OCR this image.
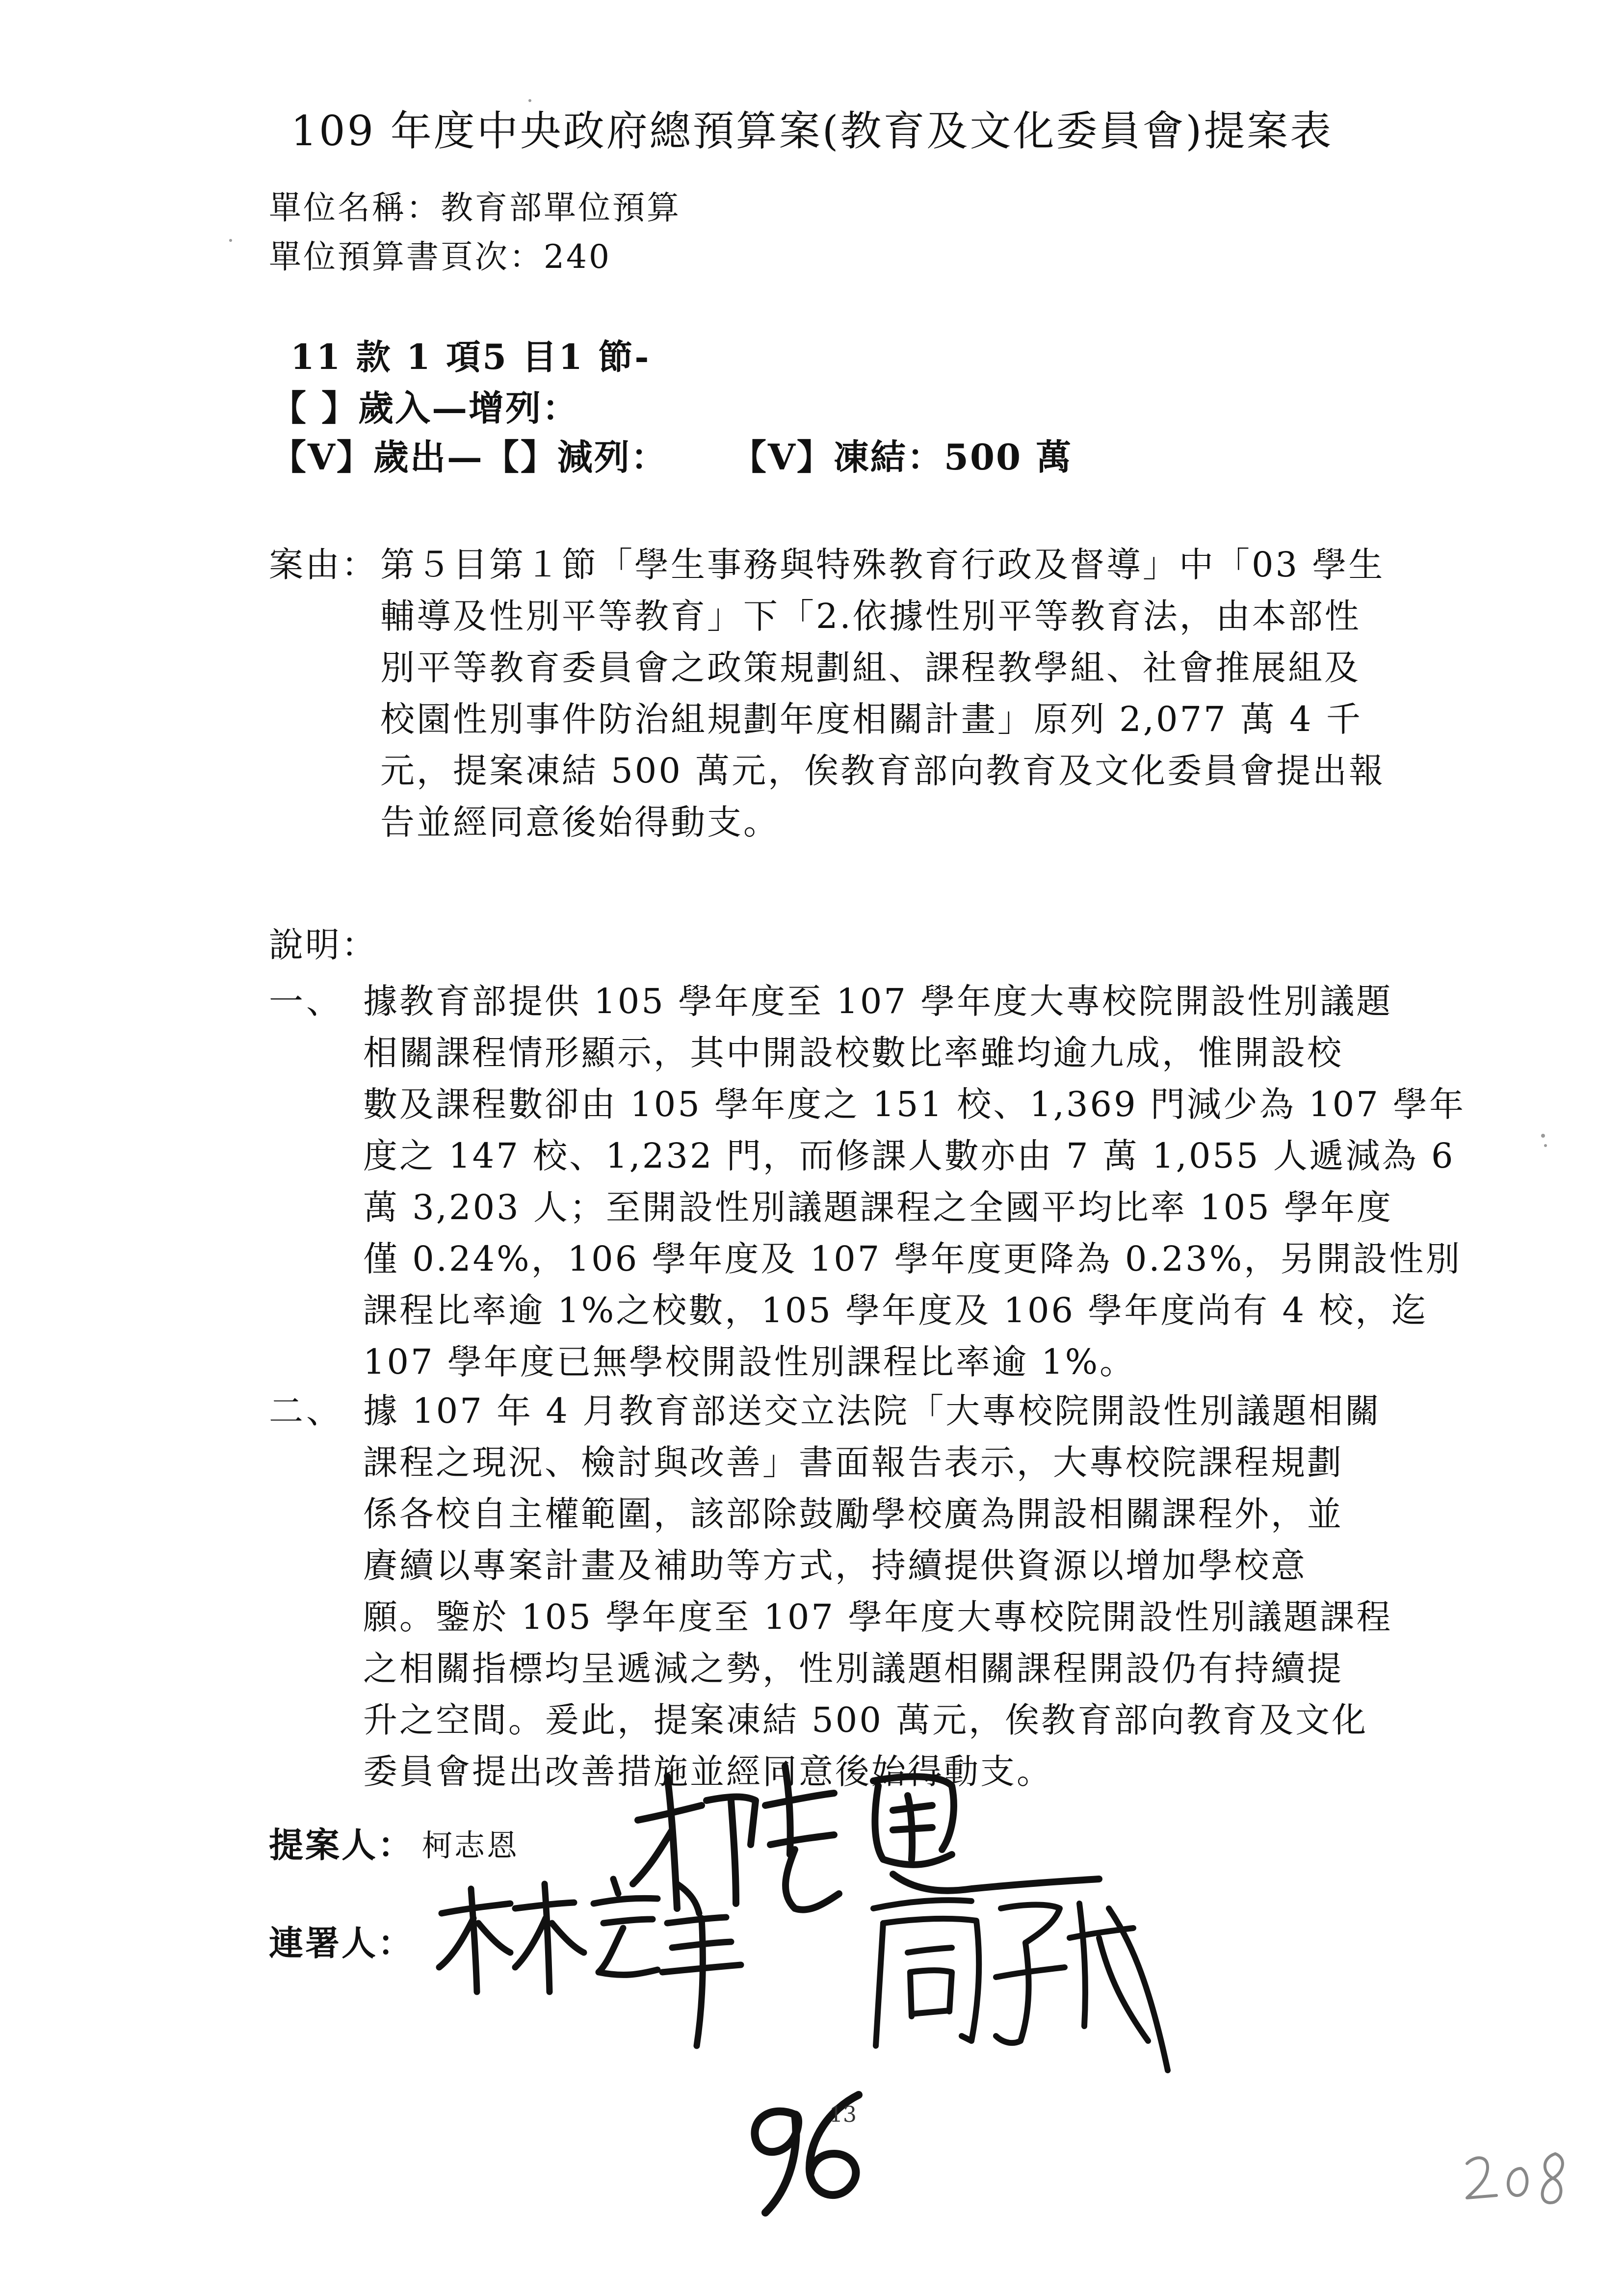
109 年度中央政府總預算案(教育及文化委員會)提案表
單位名稱：教育部單位預算
單位預算書頁次：240
11 款 1 項5 目1 節-
【 】歲入—增列：
【V】歲出—【】減列： 【V】凍結：500 萬
案由： 第５目第１節「學生事務與特殊教育行政及督導」中「03 學生
輔導及性別平等教育」下「2.依據性別平等教育法，由本部性
別平等教育委員會之政策規劃組、課程教學組、社會推展組及
校園性別事件防治組規劃年度相關計畫」原列 2,077 萬 4 千
元，提案凍結 500 萬元，俟教育部向教育及文化委員會提出報
告並經同意後始得動支。
說明：
一、 據教育部提供 105 學年度至 107 學年度大專校院開設性別議題
相關課程情形顯示，其中開設校數比率雖均逾九成，惟開設校
數及課程數卻由 105 學年度之 151 校、1,369 門減少為 107 學年
度之 147 校、1,232 門，而修課人數亦由 7 萬 1,055 人遞減為 6
萬 3,203 人；至開設性別議題課程之全國平均比率 105 學年度
僅 0.24%，106 學年度及 107 學年度更降為 0.23%，另開設性別
課程比率逾 1%之校數，105 學年度及 106 學年度尚有 4 校，迄
107 學年度已無學校開設性別課程比率逾 1%。
二、 據 107 年 4 月教育部送交立法院「大專校院開設性別議題相關
課程之現況、檢討與改善」書面報告表示，大專校院課程規劃
係各校自主權範圍，該部除鼓勵學校廣為開設相關課程外，並
賡續以專案計畫及補助等方式，持續提供資源以增加學校意
願。鑒於 105 學年度至 107 學年度大專校院開設性別議題課程
之相關指標均呈遞減之勢，性別議題相關課程開設仍有持續提
升之空間。爰此，提案凍結 500 萬元，俟教育部向教育及文化
委員會提出改善措施並經同意後始得動支。
提案人： 柯志恩
連署人：
13
